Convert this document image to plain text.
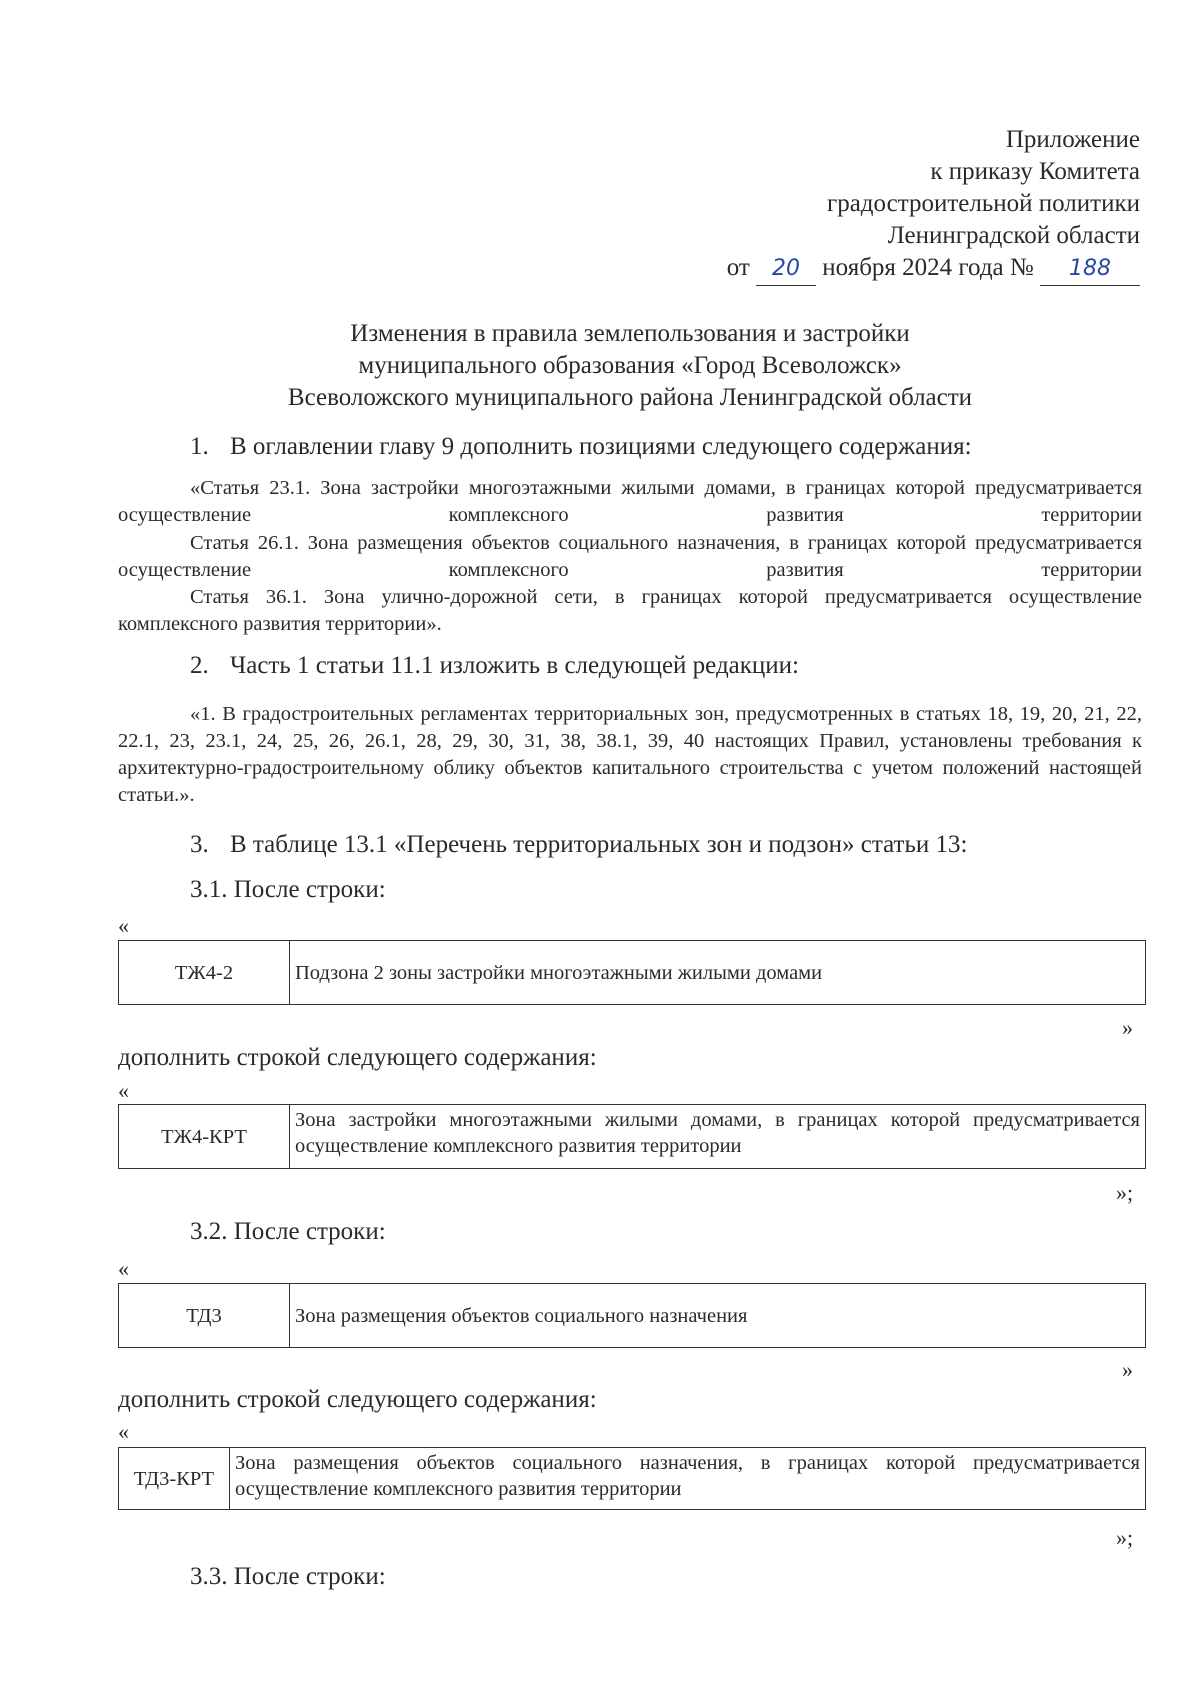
Приложение
к приказу Комитета
градостроительной политики
Ленинградской области
от 20 ноября 2024 года № 188
Изменения в правила землепользования и застройки
муниципального образования «Город Всеволожск»
Всеволожского муниципального района Ленинградской области
1. В оглавлении главу 9 дополнить позициями следующего содержания:
«Статья 23.1. Зона застройки многоэтажными жилыми домами, в границах которой предусматривается осуществление комплексного развития территории
Статья 26.1. Зона размещения объектов социального назначения, в границах которой предусматривается осуществление комплексного развития территории
Статья 36.1. Зона улично-дорожной сети, в границах которой предусматривается осуществление комплексного развития территории».
2. Часть 1 статьи 11.1 изложить в следующей редакции:
«1. В градостроительных регламентах территориальных зон, предусмотренных в статьях 18, 19, 20, 21, 22, 22.1, 23, 23.1, 24, 25, 26, 26.1, 28, 29, 30, 31, 38, 38.1, 39, 40 настоящих Правил, установлены требования к архитектурно-градостроительному облику объектов капитального строительства с учетом положений настоящей статьи.».
3. В таблице 13.1 «Перечень территориальных зон и подзон» статьи 13:
3.1. После строки:
«
ТЖ4-2	Подзона 2 зоны застройки многоэтажными жилыми домами
»
дополнить строкой следующего содержания:
«
ТЖ4-КРТ	Зона застройки многоэтажными жилыми домами, в границах которой предусматривается осуществление комплексного развития территории
»;
3.2. После строки:
«
ТД3	Зона размещения объектов социального назначения
»
дополнить строкой следующего содержания:
«
ТД3-КРТ	Зона размещения объектов социального назначения, в границах которой предусматривается осуществление комплексного развития территории
»;
3.3. После строки:
